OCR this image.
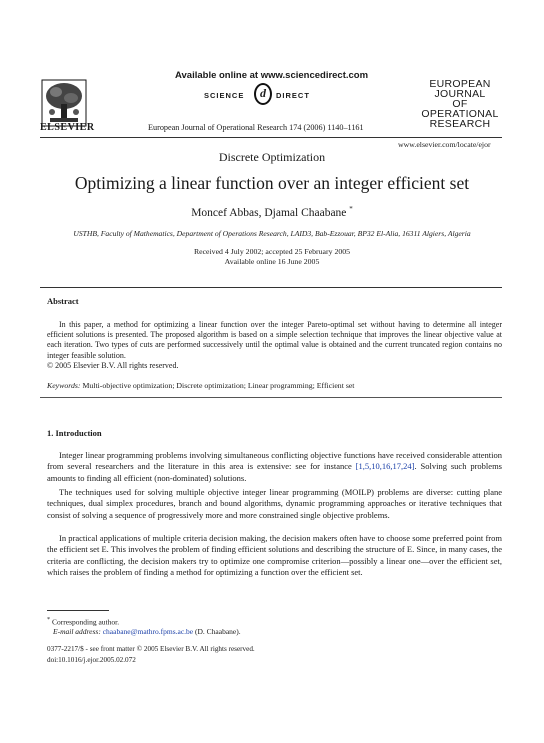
ELSEVIER
Available online at www.sciencedirect.com
SCIENCE	d	DIRECT
European Journal of Operational Research 174 (2006) 1140–1161
EUROPEAN
JOURNAL
OF OPERATIONAL
RESEARCH
www.elsevier.com/locate/ejor
Discrete Optimization
Optimizing a linear function over an integer efficient set
Moncef Abbas, Djamal Chaabane *
USTHB, Faculty of Mathematics, Department of Operations Research, LAID3, Bab-Ezzouar, BP32 El-Alia, 16311 Algiers, Algeria
Received 4 July 2002; accepted 25 February 2005
Available online 16 June 2005
Abstract
In this paper, a method for optimizing a linear function over the integer Pareto-optimal set without having to determine all integer efficient solutions is presented. The proposed algorithm is based on a simple selection technique that improves the linear objective value at each iteration. Two types of cuts are performed successively until the optimal value is obtained and the current truncated region contains no integer feasible solution.
© 2005 Elsevier B.V. All rights reserved.
Keywords: Multi-objective optimization; Discrete optimization; Linear programming; Efficient set
1. Introduction
Integer linear programming problems involving simultaneous conflicting objective functions have received considerable attention from several researchers and the literature in this area is extensive: see for instance [1,5,10,16,17,24]. Solving such problems amounts to finding all efficient (non-dominated) solutions.
The techniques used for solving multiple objective integer linear programming (MOILP) problems are diverse: cutting plane techniques, dual simplex procedures, branch and bound algorithms, dynamic programming approaches or iterative techniques that consist of solving a sequence of progressively more and more constrained single objective problems.
In practical applications of multiple criteria decision making, the decision makers often have to choose some preferred point from the efficient set E. This involves the problem of finding efficient solutions and describing the structure of E. Since, in many cases, the criteria are conflicting, the decision makers try to optimize one compromise criterion—possibly a linear one—over the efficient set, which raises the problem of finding a method for optimizing a function over the efficient set.
* Corresponding author.
E-mail address: chaabane@mathro.fpms.ac.be (D. Chaabane).
0377-2217/$ - see front matter © 2005 Elsevier B.V. All rights reserved.
doi:10.1016/j.ejor.2005.02.072
